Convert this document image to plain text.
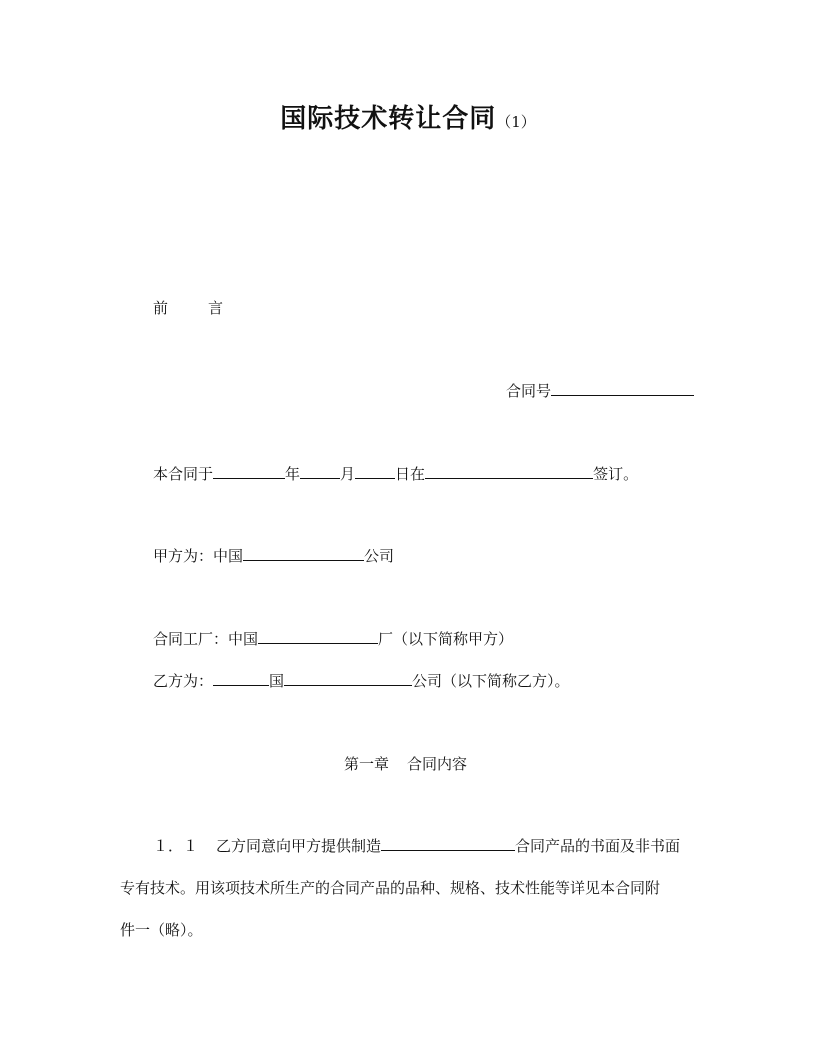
国际技术转让合同（1）
前	言
合同号
本合同于	年	月	日在	签订。
甲方为：中国	公司
合同工厂：中国	厂（以下简称甲方）
乙方为：	国	公司（以下简称乙方）。
第一章 合同内容
１．１ 乙方同意向甲方提供制造	合同产品的书面及非书面
专有技术。用该项技术所生产的合同产品的品种、规格、技术性能等详见本合同附
件一（略）。
